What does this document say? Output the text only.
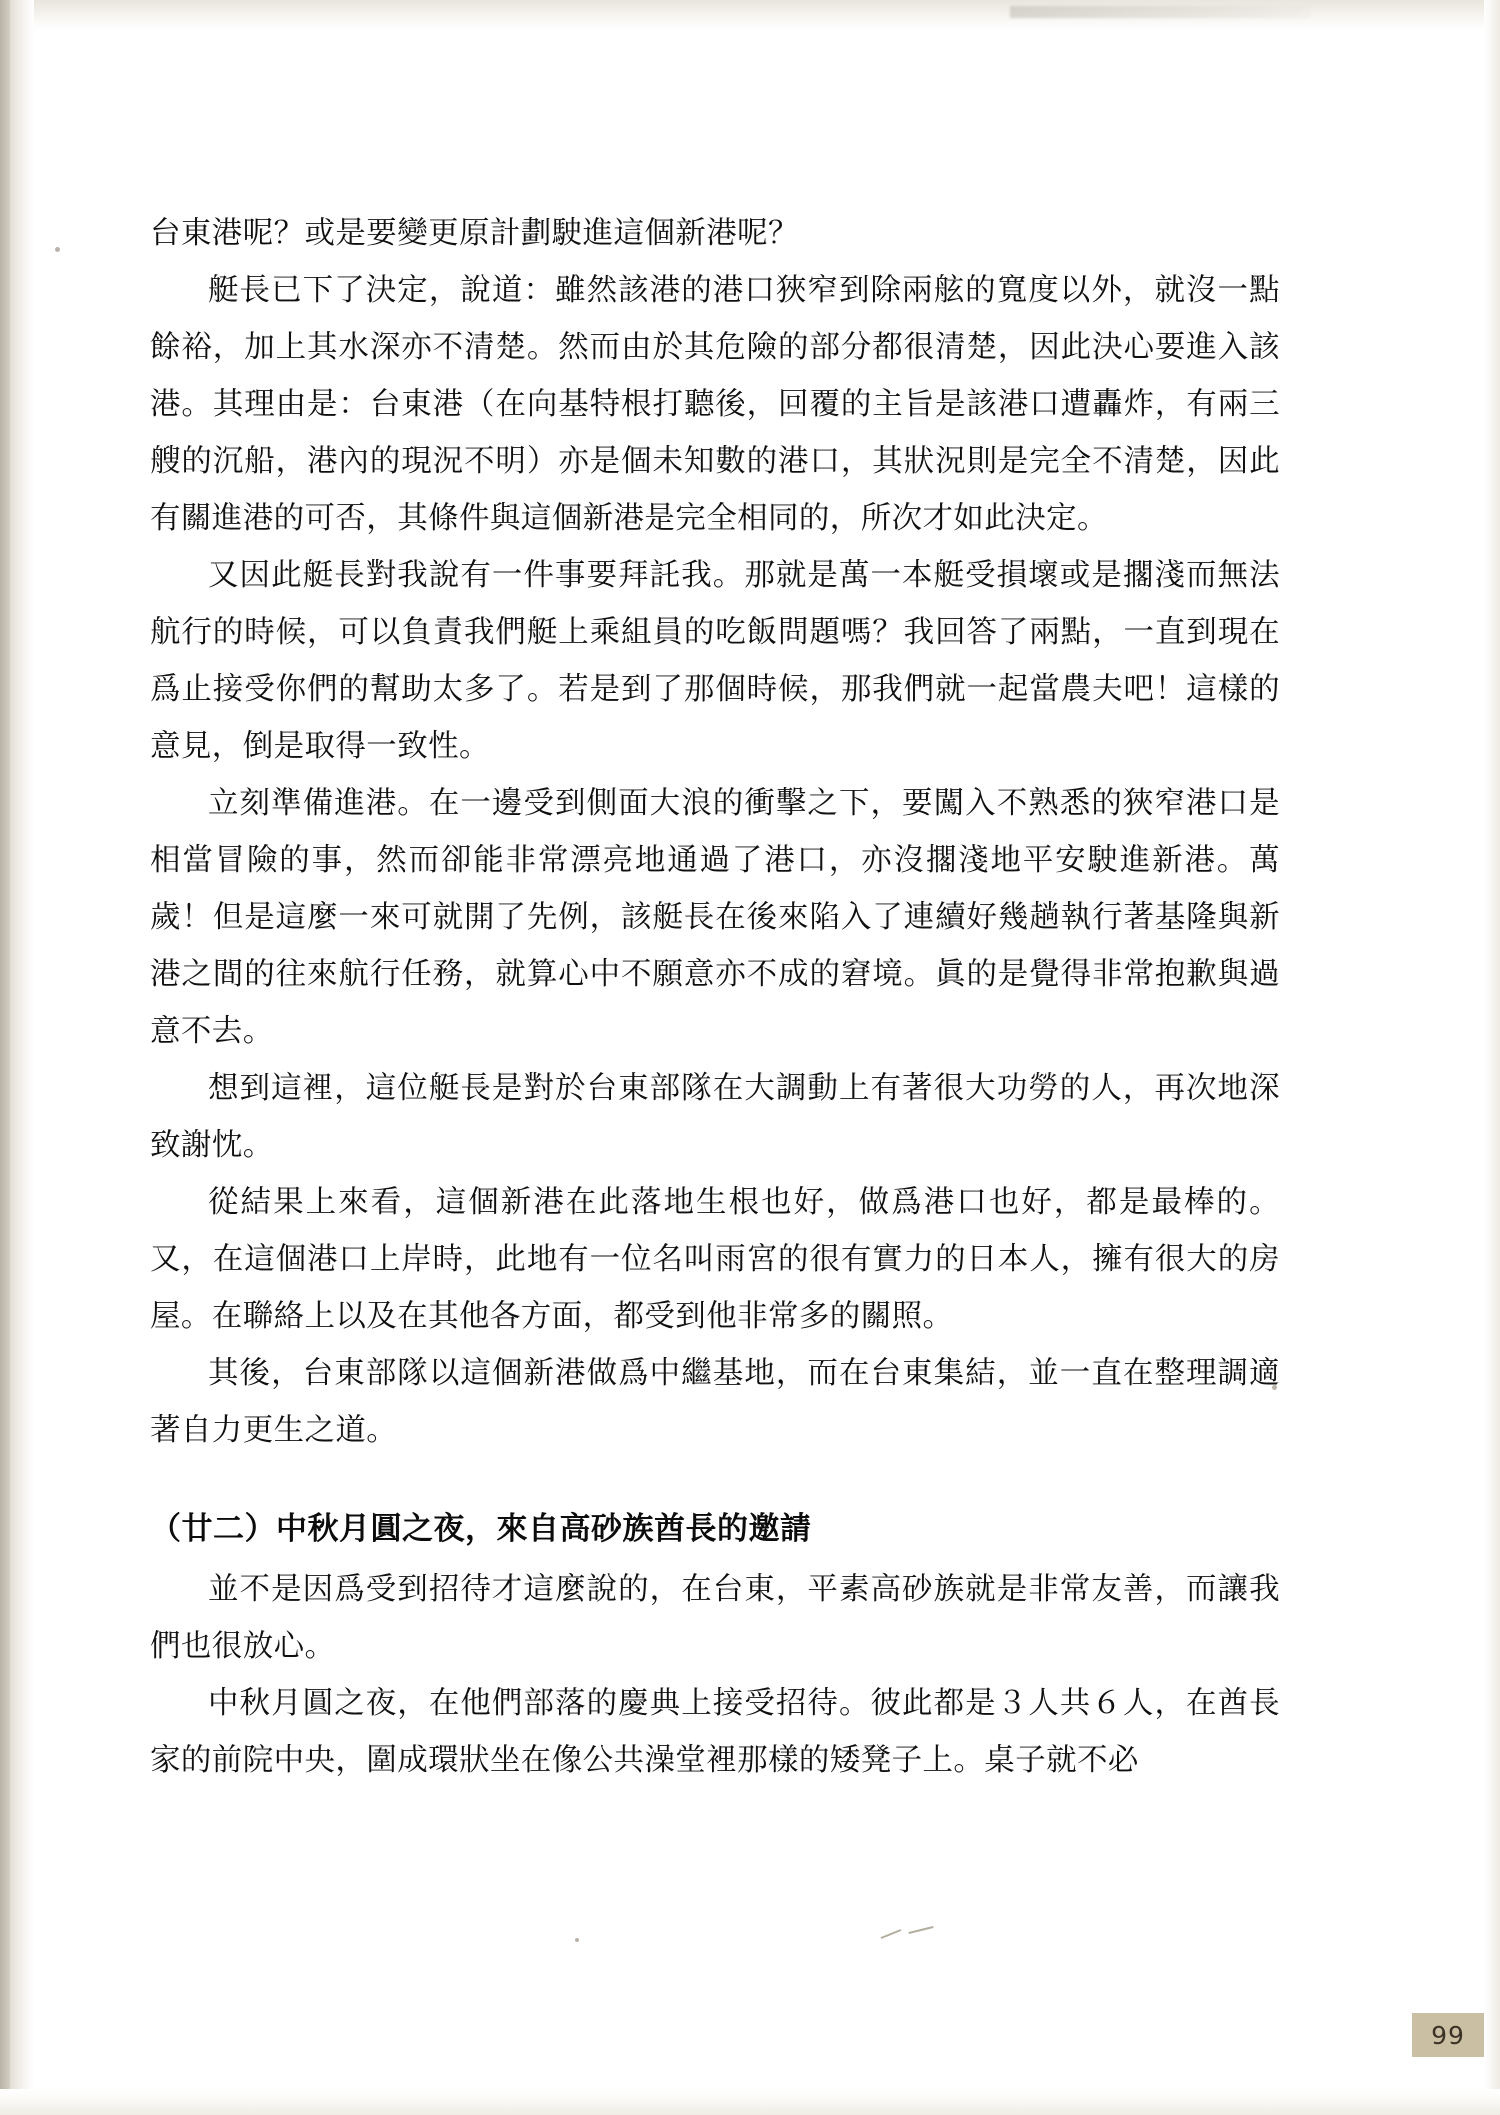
台東港呢？或是要變更原計劃駛進這個新港呢？

艇長已下了決定，說道：雖然該港的港口狹窄到除兩舷的寬度以外，就沒一點餘裕，加上其水深亦不清楚。然而由於其危險的部分都很清楚，因此決心要進入該港。其理由是：台東港（在向基特根打聽後，回覆的主旨是該港口遭轟炸，有兩三艘的沉船，港內的現況不明）亦是個未知數的港口，其狀況則是完全不清楚，因此有關進港的可否，其條件與這個新港是完全相同的，所次才如此決定。

又因此艇長對我說有一件事要拜託我。那就是萬一本艇受損壞或是擱淺而無法航行的時候，可以負責我們艇上乘組員的吃飯問題嗎？我回答了兩點，一直到現在爲止接受你們的幫助太多了。若是到了那個時候，那我們就一起當農夫吧！這樣的意見，倒是取得一致性。

立刻準備進港。在一邊受到側面大浪的衝擊之下，要闖入不熟悉的狹窄港口是相當冒險的事，然而卻能非常漂亮地通過了港口，亦沒擱淺地平安駛進新港。萬歲！但是這麼一來可就開了先例，該艇長在後來陷入了連續好幾趟執行著基隆與新港之間的往來航行任務，就算心中不願意亦不成的窘境。眞的是覺得非常抱歉與過意不去。

想到這裡，這位艇長是對於台東部隊在大調動上有著很大功勞的人，再次地深致謝忱。

從結果上來看，這個新港在此落地生根也好，做爲港口也好，都是最棒的。又，在這個港口上岸時，此地有一位名叫雨宮的很有實力的日本人，擁有很大的房屋。在聯絡上以及在其他各方面，都受到他非常多的關照。

其後，台東部隊以這個新港做爲中繼基地，而在台東集結，並一直在整理調適著自力更生之道。

（廿二）中秋月圓之夜，來自高砂族酋長的邀請

並不是因爲受到招待才這麼說的，在台東，平素高砂族就是非常友善，而讓我們也很放心。

中秋月圓之夜，在他們部落的慶典上接受招待。彼此都是３人共６人，在酋長家的前院中央，圍成環狀坐在像公共澡堂裡那樣的矮凳子上。桌子就不必

99
